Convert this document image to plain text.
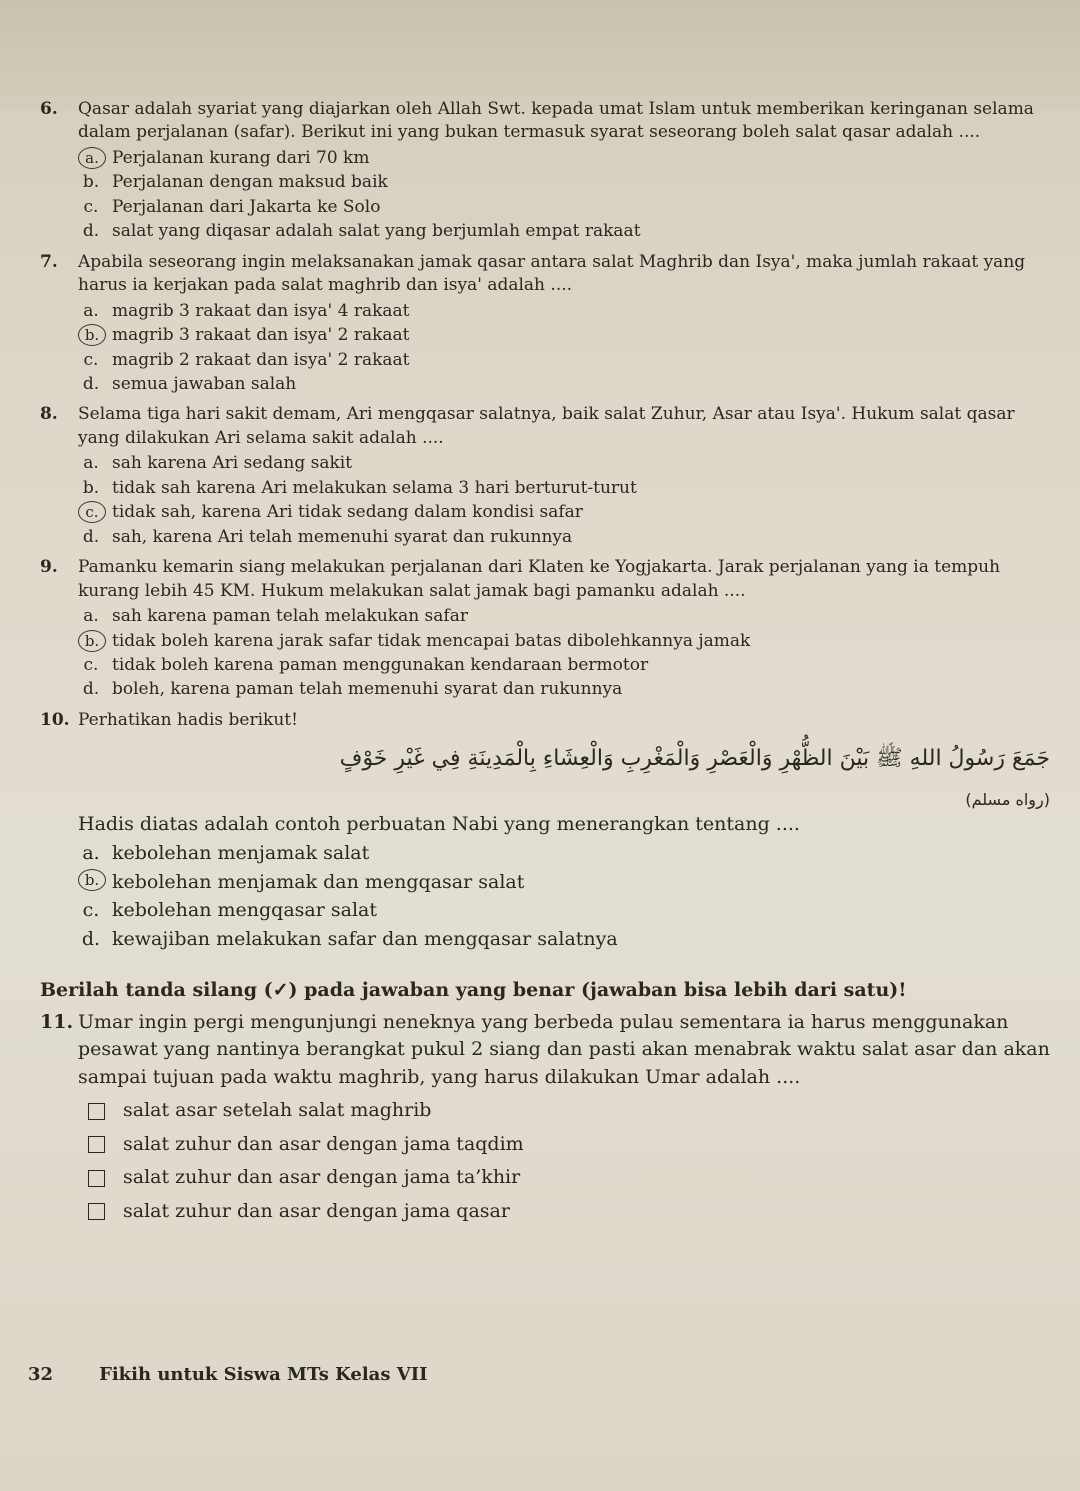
6.	Qasar adalah syariat yang diajarkan oleh Allah Swt. kepada umat Islam untuk memberikan keringanan selama dalam perjalanan (safar). Berikut ini yang bukan termasuk syarat seseorang boleh salat qasar adalah ....

a. Perjalanan kurang dari 70 km
b. Perjalanan dengan maksud baik
c. Perjalanan dari Jakarta ke Solo
d. salat yang diqasar adalah salat yang berjumlah empat rakaat
7.	Apabila seseorang ingin melaksanakan jamak qasar antara salat Maghrib dan Isya', maka jumlah rakaat yang harus ia kerjakan pada salat maghrib dan isya' adalah ....

a. magrib 3 rakaat dan isya' 4 rakaat
b. magrib 3 rakaat dan isya' 2 rakaat
c. magrib 2 rakaat dan isya' 2 rakaat
d. semua jawaban salah
8.	Selama tiga hari sakit demam, Ari mengqasar salatnya, baik salat Zuhur, Asar atau Isya'. Hukum salat qasar yang dilakukan Ari selama sakit adalah ....

a. sah karena Ari sedang sakit
b. tidak sah karena Ari melakukan selama 3 hari berturut-turut
c. tidak sah, karena Ari tidak sedang dalam kondisi safar
d. sah, karena Ari telah memenuhi syarat dan rukunnya
9.	Pamanku kemarin siang melakukan perjalanan dari Klaten ke Yogjakarta. Jarak perjalanan yang ia tempuh kurang lebih 45 KM. Hukum melakukan salat jamak bagi pamanku adalah ....

a. sah karena paman telah melakukan safar
b. tidak boleh karena jarak safar tidak mencapai batas dibolehkannya jamak
c. tidak boleh karena paman menggunakan kendaraan bermotor
d. boleh, karena paman telah memenuhi syarat dan rukunnya
10. Perhatikan hadis berikut!

جَمَعَ رَسُولُ اللهِ ﷺ بَيْنَ الظُّهْرِ وَالْعَصْرِ وَالْمَغْرِبِ وَالْعِشَاءِ بِالْمَدِينَةِ فِي غَيْرِ خَوْفٍ
(رواه مسلم)

Hadis diatas adalah contoh perbuatan Nabi yang menerangkan tentang ....

a. kebolehan menjamak salat
b. kebolehan menjamak dan mengqasar salat
c. kebolehan mengqasar salat
d. kewajiban melakukan safar dan mengqasar salatnya
Berilah tanda silang (✓) pada jawaban yang benar (jawaban bisa lebih dari satu)!
11. Umar ingin pergi mengunjungi neneknya yang berbeda pulau sementara ia harus menggunakan pesawat yang nantinya berangkat pukul 2 siang dan pasti akan menabrak waktu salat asar dan akan sampai tujuan pada waktu maghrib, yang harus dilakukan Umar adalah ....

salat asar setelah salat maghrib
salat zuhur dan asar dengan jama taqdim
salat zuhur dan asar dengan jama ta’khir
salat zuhur dan asar dengan jama qasar
32	Fikih untuk Siswa MTs Kelas VII
